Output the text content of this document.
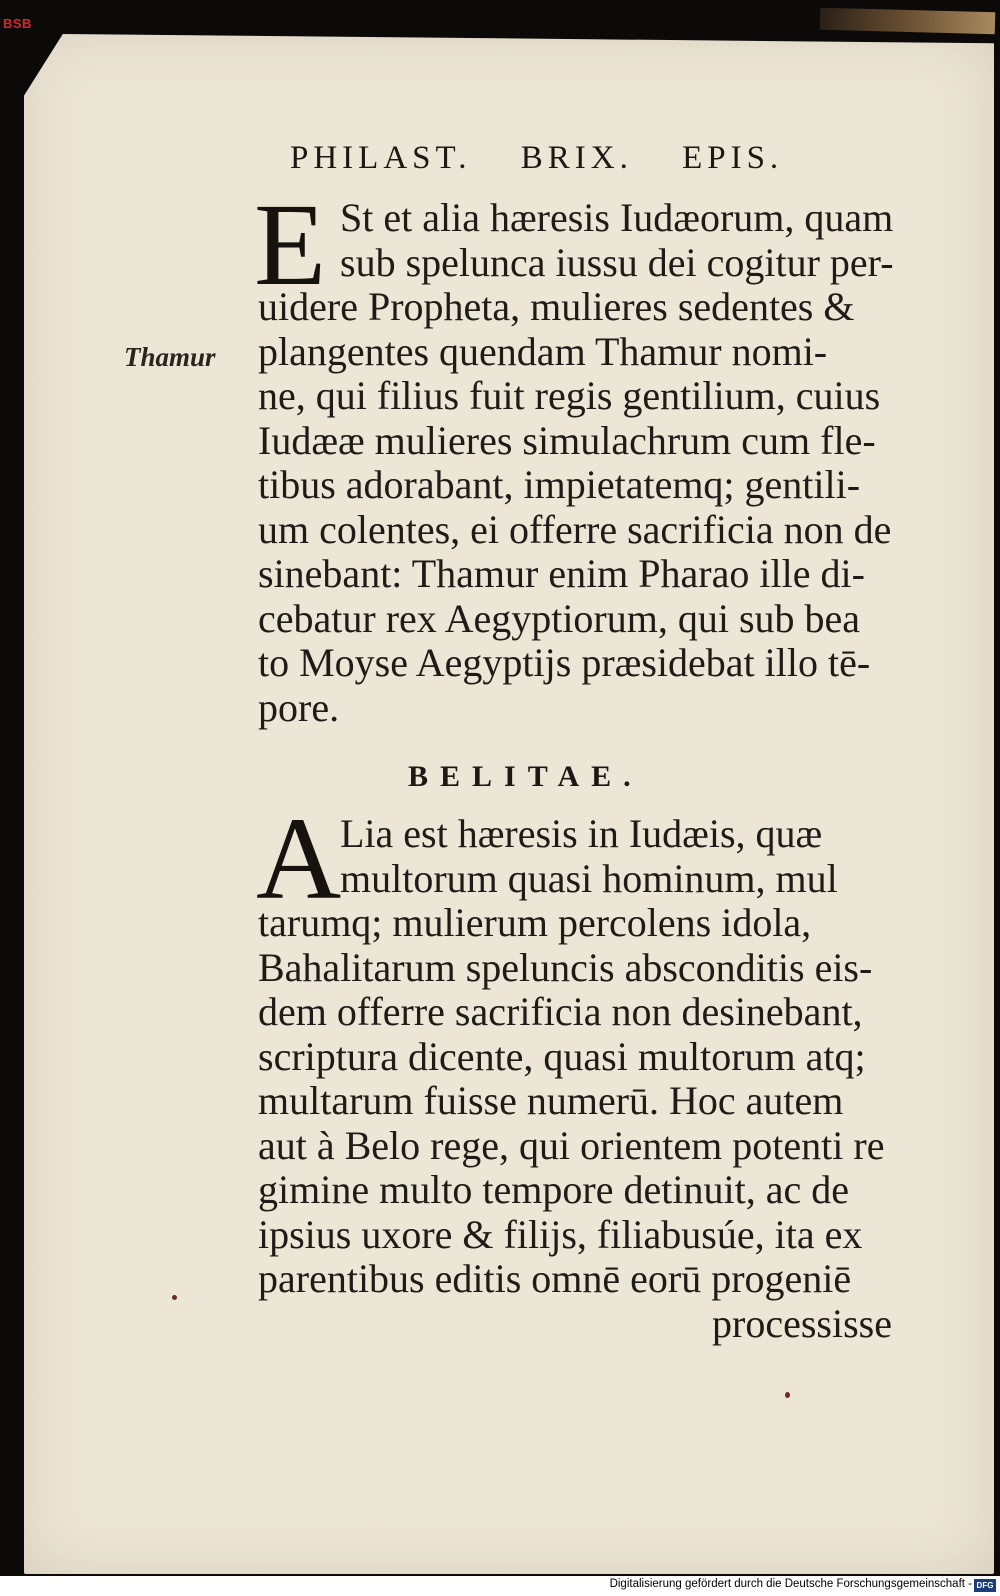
BSB
PHILAST. BRIX. EPIS.
Thamur
E St et alia hæresis Iudæorum, quam
sub spelunca iussu dei cogitur per-
uidere Propheta, mulieres sedentes &
plangentes quendam Thamur nomi-
ne, qui filius fuit regis gentilium, cuius
Iudææ mulieres simulachrum cum fle-
tibus adorabant, impietatemq; gentili-
um colentes, ei offerre sacrificia non de
sinebant: Thamur enim Pharao ille di-
cebatur rex Aegyptiorum, qui sub bea
to Moyse Aegyptijs præsidebat illo tē-
pore.
BELITAE.
A
Lia est hæresis in Iudæis, quæ
multorum quasi hominum, mul
tarumq; mulierum percolens idola,
Bahalitarum speluncis absconditis eis-
dem offerre sacrificia non desinebant,
scriptura dicente, quasi multorum atq;
multarum fuisse numerū. Hoc autem
aut à Belo rege, qui orientem potenti re
gimine multo tempore detinuit, ac de
ipsius uxore & filijs, filiabusúe, ita ex
parentibus editis omnē eorū progeniē
processisse
Digitalisierung gefördert durch die Deutsche Forschungsgemeinschaft - DFG
